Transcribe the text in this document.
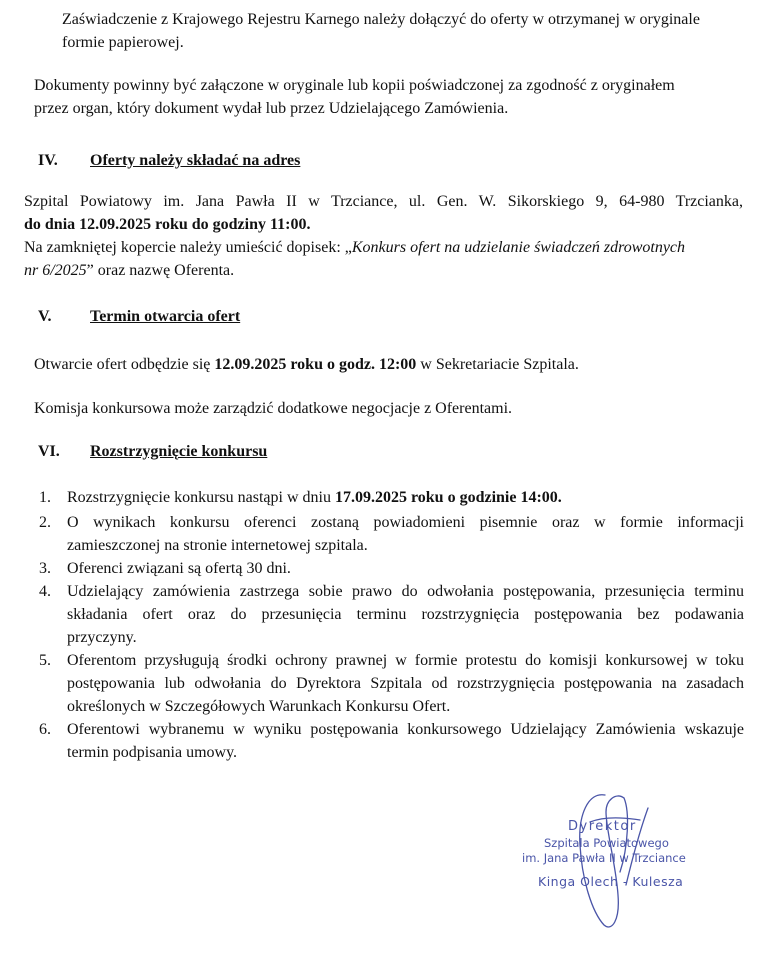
Zaświadczenie z Krajowego Rejestru Karnego należy dołączyć do oferty w otrzymanej w oryginale
formie papierowej.
Dokumenty powinny być załączone w oryginale lub kopii poświadczonej za zgodność z oryginałem
przez organ, który dokument wydał lub przez Udzielającego Zamówienia.
IV. Oferty należy składać na adres
Szpital Powiatowy im. Jana Pawła II w Trzciance, ul. Gen. W. Sikorskiego 9, 64-980 Trzcianka,
do dnia 12.09.2025 roku do godziny 11:00.
Na zamkniętej kopercie należy umieścić dopisek: „Konkurs ofert na udzielanie świadczeń zdrowotnych
nr 6/2025” oraz nazwę Oferenta.
V. Termin otwarcia ofert
Otwarcie ofert odbędzie się 12.09.2025 roku o godz. 12:00 w Sekretariacie Szpitala.
Komisja konkursowa może zarządzić dodatkowe negocjacje z Oferentami.
VI. Rozstrzygnięcie konkursu
1. Rozstrzygnięcie konkursu nastąpi w dniu 17.09.2025 roku o godzinie 14:00.
2. O wynikach konkursu oferenci zostaną powiadomieni pisemnie oraz w formie informacji
zamieszczonej na stronie internetowej szpitala.
3. Oferenci związani są ofertą 30 dni.
4. Udzielający zamówienia zastrzega sobie prawo do odwołania postępowania, przesunięcia terminu
składania ofert oraz do przesunięcia terminu rozstrzygnięcia postępowania bez podawania
przyczyny.
5. Oferentom przysługują środki ochrony prawnej w formie protestu do komisji konkursowej w toku
postępowania lub odwołania do Dyrektora Szpitala od rozstrzygnięcia postępowania na zasadach
określonych w Szczegółowych Warunkach Konkursu Ofert.
6. Oferentowi wybranemu w wyniku postępowania konkursowego Udzielający Zamówienia wskazuje
termin podpisania umowy.
Dyrektor
Szpitala Powiatowego
im. Jana Pawła II w Trzciance
Kinga Olech - Kulesza
